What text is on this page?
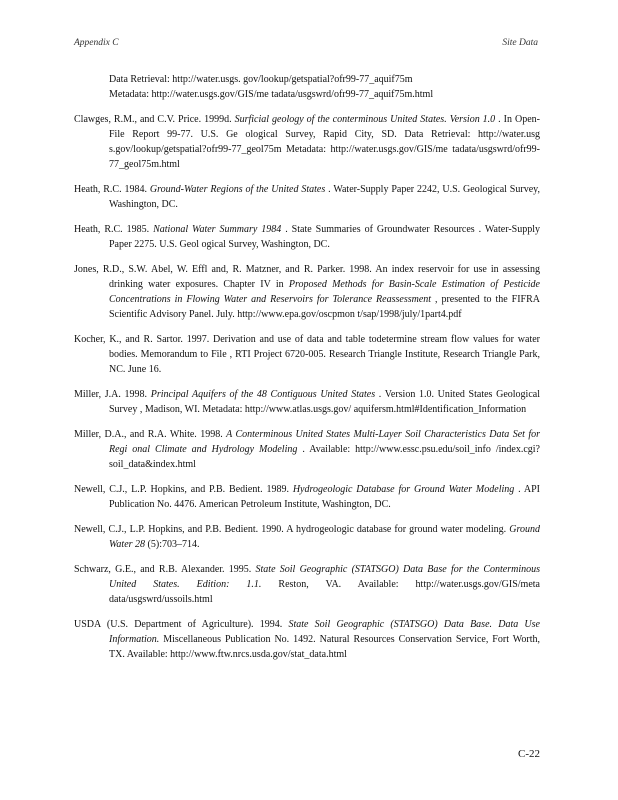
Appendix C	Site Data
Data Retrieval: http://water.usgs. gov/lookup/getspatial?ofr99-77_aquif75m
Metadata: http://water.usgs.gov/GIS/me tadata/usgswrd/ofr99-77_aquif75m.html
Clawges, R.M., and C.V. Price. 1999d. Surficial geology of the conterminous United States. Version 1.0 . In Open-File Report 99-77. U.S. Ge ological Survey, Rapid City, SD. Data Retrieval: http://water.usg s.gov/lookup/getspatial?ofr99-77_geol75m Metadata: http://water.usgs.gov/GIS/me tadata/usgswrd/ofr99-77_geol75m.html
Heath, R.C. 1984. Ground-Water Regions of the United States . Water-Supply Paper 2242, U.S. Geological Survey, Washington, DC.
Heath, R.C. 1985. National Water Summary 1984 . State Summaries of Groundwater Resources . Water-Supply Paper 2275. U.S. Geol ogical Survey, Washington, DC.
Jones, R.D., S.W. Abel, W. Effl and, R. Matzner, and R. Parker. 1998. An index reservoir for use in assessing drinking water exposures. Chapter IV in Proposed Methods for Basin-Scale Estimation of Pesticide Concentrations in Flowing Water and Reservoirs for Tolerance Reassessment , presented to the FIFRA Scientific Advisory Panel. July. http://www.epa.gov/oscpmon t/sap/1998/july/1part4.pdf
Kocher, K., and R. Sartor. 1997. Derivation and use of data and table todetermine stream flow values for water bodies. Memorandum to File , RTI Project 6720-005. Research Triangle Institute, Research Triangle Park, NC. June 16.
Miller, J.A. 1998. Principal Aquifers of the 48 Contiguous United States . Version 1.0. United States Geological Survey , Madison, WI. Metadata: http://www.atlas.usgs.gov/ aquifersm.html#Identification_Information
Miller, D.A., and R.A. White. 1998. A Conterminous United States Multi-Layer Soil Characteristics Data Set for Regi onal Climate and Hydrology Modeling . Available: http://www.essc.psu.edu/soil_info /index.cgi?soil_data&index.html
Newell, C.J., L.P. Hopkins, and P.B. Bedient. 1989. Hydrogeologic Database for Ground Water Modeling . API Publication No. 4476. American Petroleum Institute, Washington, DC.
Newell, C.J., L.P. Hopkins, and P.B. Bedient. 1990. A hydrogeologic database for ground water modeling. Ground Water 28 (5):703–714.
Schwarz, G.E., and R.B. Alexander. 1995. State Soil Geographic (STATSGO) Data Base for the Conterminous United States. Edition: 1.1. Reston, VA. Available: http://water.usgs.gov/GIS/meta data/usgswrd/ussoils.html
USDA (U.S. Department of Agriculture). 1994. State Soil Geographic (STATSGO) Data Base. Data Use Information. Miscellaneous Publication No. 1492. Natural Resources Conservation Service, Fort Worth, TX. Available: http://www.ftw.nrcs.usda.gov/stat_data.html
C-22
